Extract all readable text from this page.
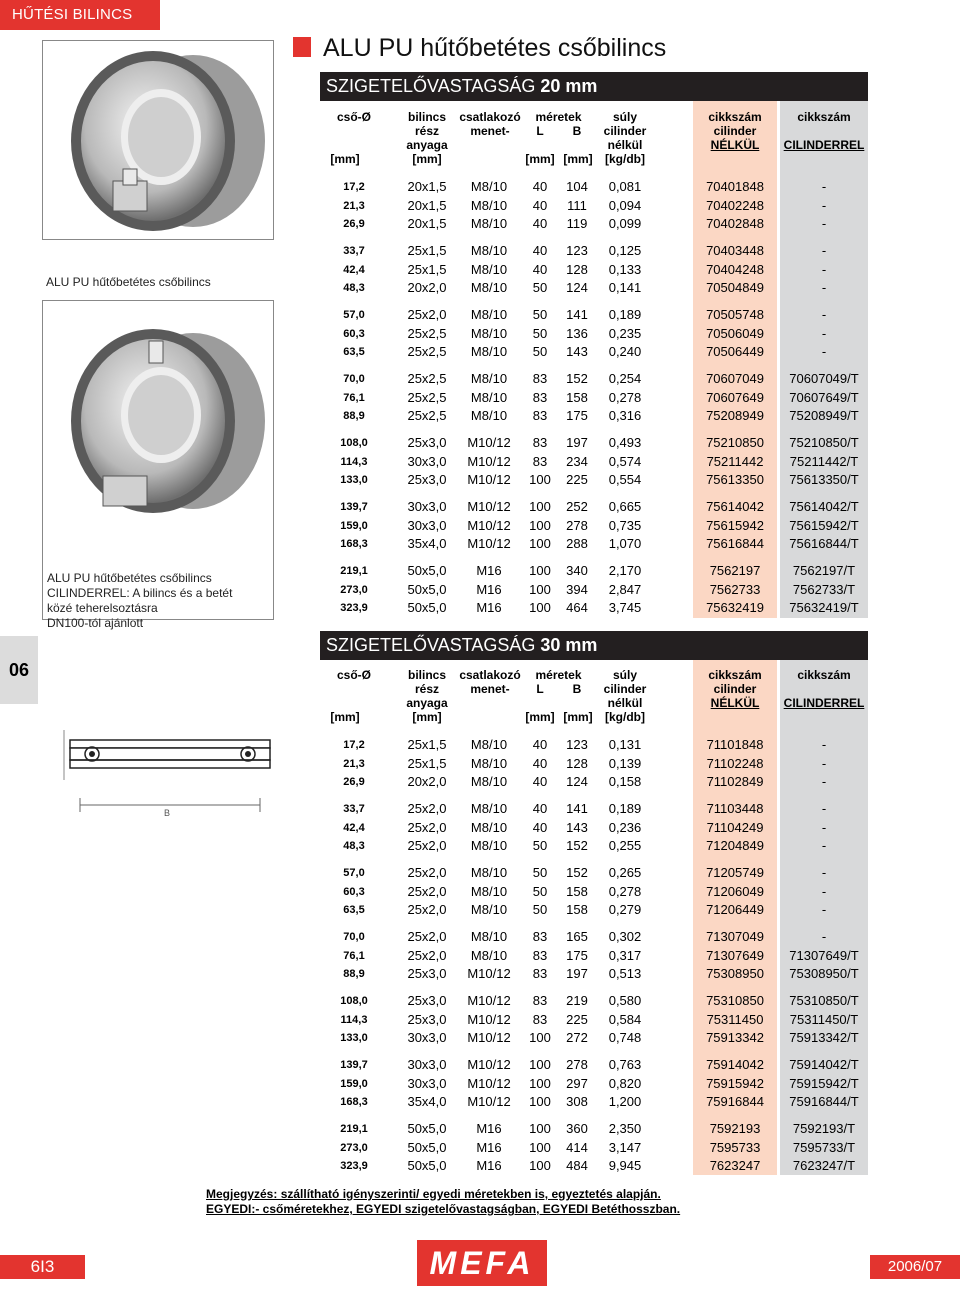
HŰTÉSI BILINCS
ALU PU hűtőbetétes csőbilincs
SZIGETELŐVASTAGSÁG 20 mm
cső-Ø
[mm]
bilincs
rész
anyaga
[mm]
csatlakozó
menet-
méretek
L	B
[mm] [mm]
súly
cilinder
nélkül
[kg/db]
cikkszám
cilinder
NÉLKÜL
cikkszám
CILINDERREL
17,2	20x1,5	M8/10	40	104	0,081	70401848	-
21,3	20x1,5	M8/10	40	111	0,094	70402248	-
26,9	20x1,5	M8/10	40	119	0,099	70402848	-
33,7	25x1,5	M8/10	40	123	0,125	70403448	-
42,4	25x1,5	M8/10	40	128	0,133	70404248	-
48,3	20x2,0	M8/10	50	124	0,141	70504849	-
57,0	25x2,0	M8/10	50	141	0,189	70505748	-
60,3	25x2,5	M8/10	50	136	0,235	70506049	-
63,5	25x2,5	M8/10	50	143	0,240	70506449	-
70,0	25x2,5	M8/10	83	152	0,254	70607049	70607049/T
76,1	25x2,5	M8/10	83	158	0,278	70607649	70607649/T
88,9	25x2,5	M8/10	83	175	0,316	75208949	75208949/T
108,0	25x3,0	M10/12	83	197	0,493	75210850	75210850/T
114,3	30x3,0	M10/12	83	234	0,574	75211442	75211442/T
133,0	25x3,0	M10/12	100	225	0,554	75613350	75613350/T
139,7	30x3,0	M10/12	100	252	0,665	75614042	75614042/T
159,0	30x3,0	M10/12	100	278	0,735	75615942	75615942/T
168,3	35x4,0	M10/12	100	288	1,070	75616844	75616844/T
219,1	50x5,0	M16	100	340	2,170	7562197	7562197/T
273,0	50x5,0	M16	100	394	2,847	7562733	7562733/T
323,9	50x5,0	M16	100	464	3,745	75632419	75632419/T
SZIGETELŐVASTAGSÁG 30 mm
cső-Ø
[mm]
bilincs
rész
anyaga
[mm]
csatlakozó
menet-
méretek
L	B
[mm] [mm]
súly
cilinder
nélkül
[kg/db]
cikkszám
cilinder
NÉLKÜL
cikkszám
CILINDERREL
17,2	25x1,5	M8/10	40	123	0,131	71101848	-
21,3	25x1,5	M8/10	40	128	0,139	71102248	-
26,9	20x2,0	M8/10	40	124	0,158	71102849	-
33,7	25x2,0	M8/10	40	141	0,189	71103448	-
42,4	25x2,0	M8/10	40	143	0,236	71104249	-
48,3	25x2,0	M8/10	50	152	0,255	71204849	-
57,0	25x2,0	M8/10	50	152	0,265	71205749	-
60,3	25x2,0	M8/10	50	158	0,278	71206049	-
63,5	25x2,0	M8/10	50	158	0,279	71206449	-
70,0	25x2,0	M8/10	83	165	0,302	71307049	-
76,1	25x2,0	M8/10	83	175	0,317	71307649	71307649/T
88,9	25x3,0	M10/12	83	197	0,513	75308950	75308950/T
108,0	25x3,0	M10/12	83	219	0,580	75310850	75310850/T
114,3	25x3,0	M10/12	83	225	0,584	75311450	75311450/T
133,0	30x3,0	M10/12	100	272	0,748	75913342	75913342/T
139,7	30x3,0	M10/12	100	278	0,763	75914042	75914042/T
159,0	30x3,0	M10/12	100	297	0,820	75915942	75915942/T
168,3	35x4,0	M10/12	100	308	1,200	75916844	75916844/T
219,1	50x5,0	M16	100	360	2,350	7592193	7592193/T
273,0	50x5,0	M16	100	414	3,147	7595733	7595733/T
323,9	50x5,0	M16	100	484	9,945	7623247	7623247/T
ALU PU hűtőbetétes csőbilincs
ALU PU hűtőbetétes csőbilincs
CILINDERREL: A bilincs és a betét
közé teherelsoztásra
DN100-tól ajánlott
06
B
Megjegyzés: szállítható igényszerinti/ egyedi méretekben is, egyeztetés alapján.
EGYEDI:- csőméretekhez, EGYEDI szigetelővastagságban, EGYEDI Betéthosszban.
6I3	MEFA	2006/07
